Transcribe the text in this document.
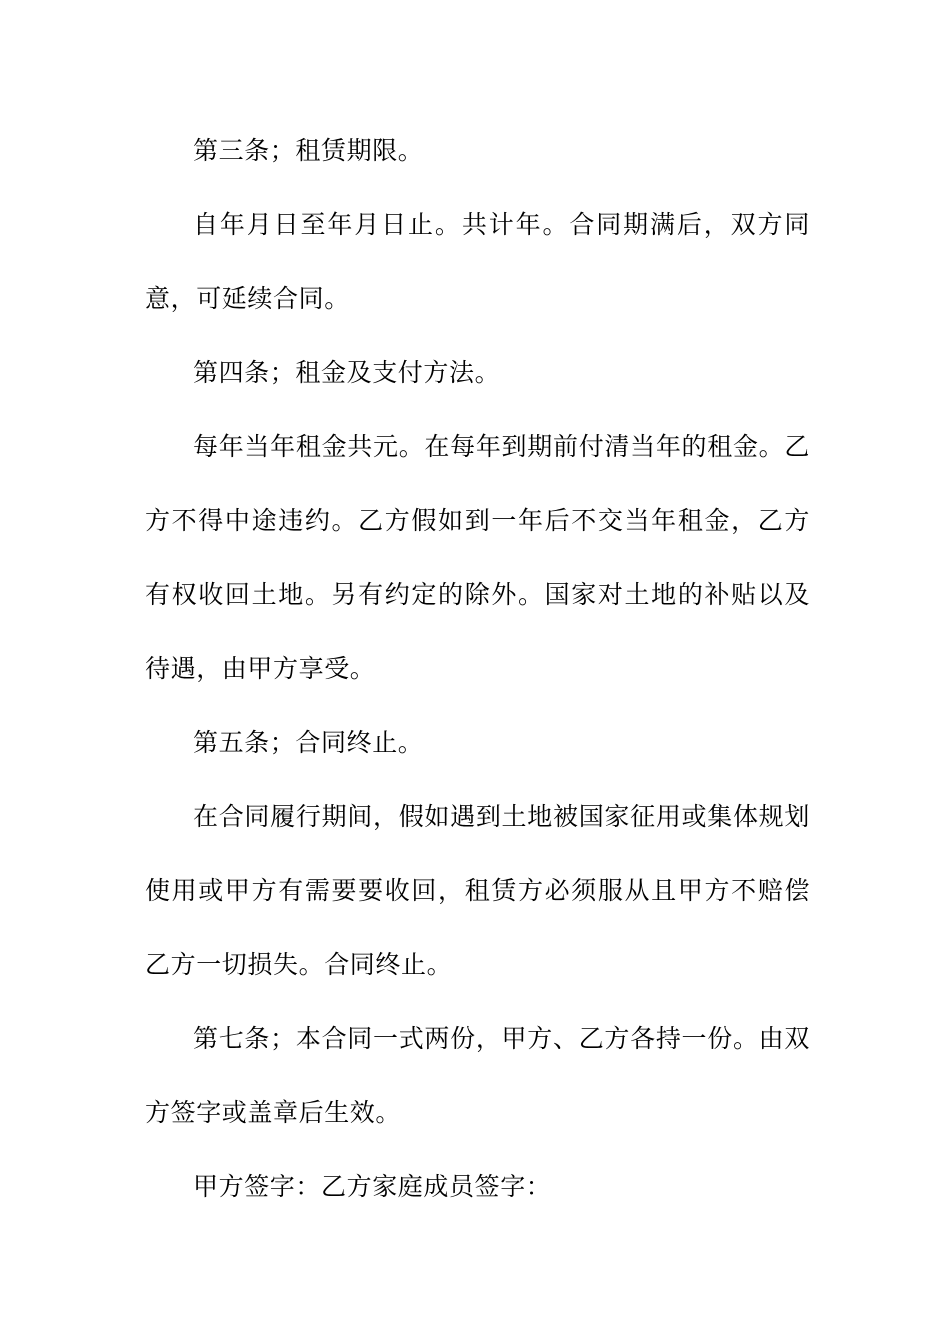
第三条；租赁期限。

自年月日至年月日止。共计年。合同期满后，双方同意，可延续合同。

第四条；租金及支付方法。

每年当年租金共元。在每年到期前付清当年的租金。乙方不得中途违约。乙方假如到一年后不交当年租金，乙方有权收回土地。另有约定的除外。国家对土地的补贴以及待遇，由甲方享受。

第五条；合同终止。

在合同履行期间，假如遇到土地被国家征用或集体规划使用或甲方有需要要收回，租赁方必须服从且甲方不赔偿乙方一切损失。合同终止。

第七条；本合同一式两份，甲方、乙方各持一份。由双方签字或盖章后生效。

甲方签字：乙方家庭成员签字：
